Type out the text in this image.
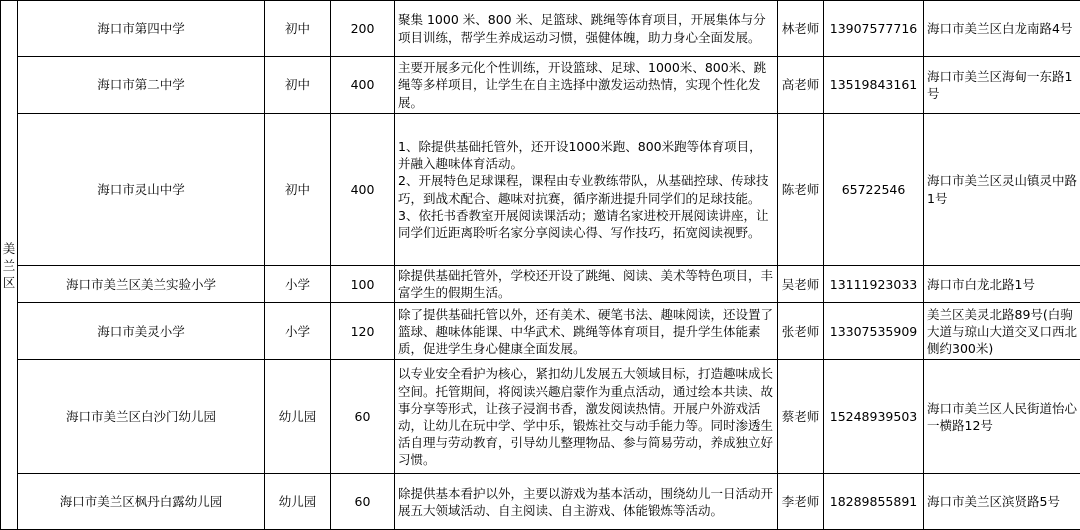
美兰区	海口市第四中学	初中	200	聚集 1000 米、800 米、足篮球、跳绳等体育项目，开展集体与分项目训练，帮学生养成运动习惯，强健体魄，助力身心全面发展。	林老师	13907577716	海口市美兰区白龙南路4号
	海口市第二中学	初中	400	主要开展多元化个性训练，开设篮球、足球、1000米、800米、跳绳等多样项目，让学生在自主选择中激发运动热情，实现个性化发展。	高老师	13519843161	海口市美兰区海甸一东路1号
	海口市灵山中学	初中	400	1、除提供基础托管外，还开设1000米跑、800米跑等体育项目，并融入趣味体育活动。
2、开展特色足球课程，课程由专业教练带队，从基础控球、传球技巧，到战术配合、趣味对抗赛，循序渐进提升同学们的足球技能。
3、依托书香教室开展阅读课活动；邀请名家进校开展阅读讲座，让同学们近距离聆听名家分享阅读心得、写作技巧，拓宽阅读视野。	陈老师	65722546	海口市美兰区灵山镇灵中路1号
	海口市美兰区美兰实验小学	小学	100	除提供基础托管外，学校还开设了跳绳、阅读、美术等特色项目，丰富学生的假期生活。	吴老师	13111923033	海口市白龙北路1号
	海口市美灵小学	小学	120	除了提供基础托管以外，还有美术、硬笔书法、趣味阅读，还设置了篮球、趣味体能课、中华武术、跳绳等体育项目，提升学生体能素质，促进学生身心健康全面发展。	张老师	13307535909	美兰区美灵北路89号(白驹大道与琼山大道交叉口西北侧约300米)
	海口市美兰区白沙门幼儿园	幼儿园	60	以专业安全看护为核心，紧扣幼儿发展五大领域目标，打造趣味成长空间。托管期间，将阅读兴趣启蒙作为重点活动，通过绘本共读、故事分享等形式，让孩子浸润书香，激发阅读热情。开展户外游戏活动，让幼儿在玩中学、学中乐，锻炼社交与动手能力等。同时渗透生活自理与劳动教育，引导幼儿整理物品、参与简易劳动，养成独立好习惯。	蔡老师	15248939503	海口市美兰区人民街道怡心一横路12号
	海口市美兰区枫丹白露幼儿园	幼儿园	60	除提供基本看护以外，主要以游戏为基本活动，围绕幼儿一日活动开展五大领域活动、自主阅读、自主游戏、体能锻炼等活动。	李老师	18289855891	海口市美兰区滨贤路5号
